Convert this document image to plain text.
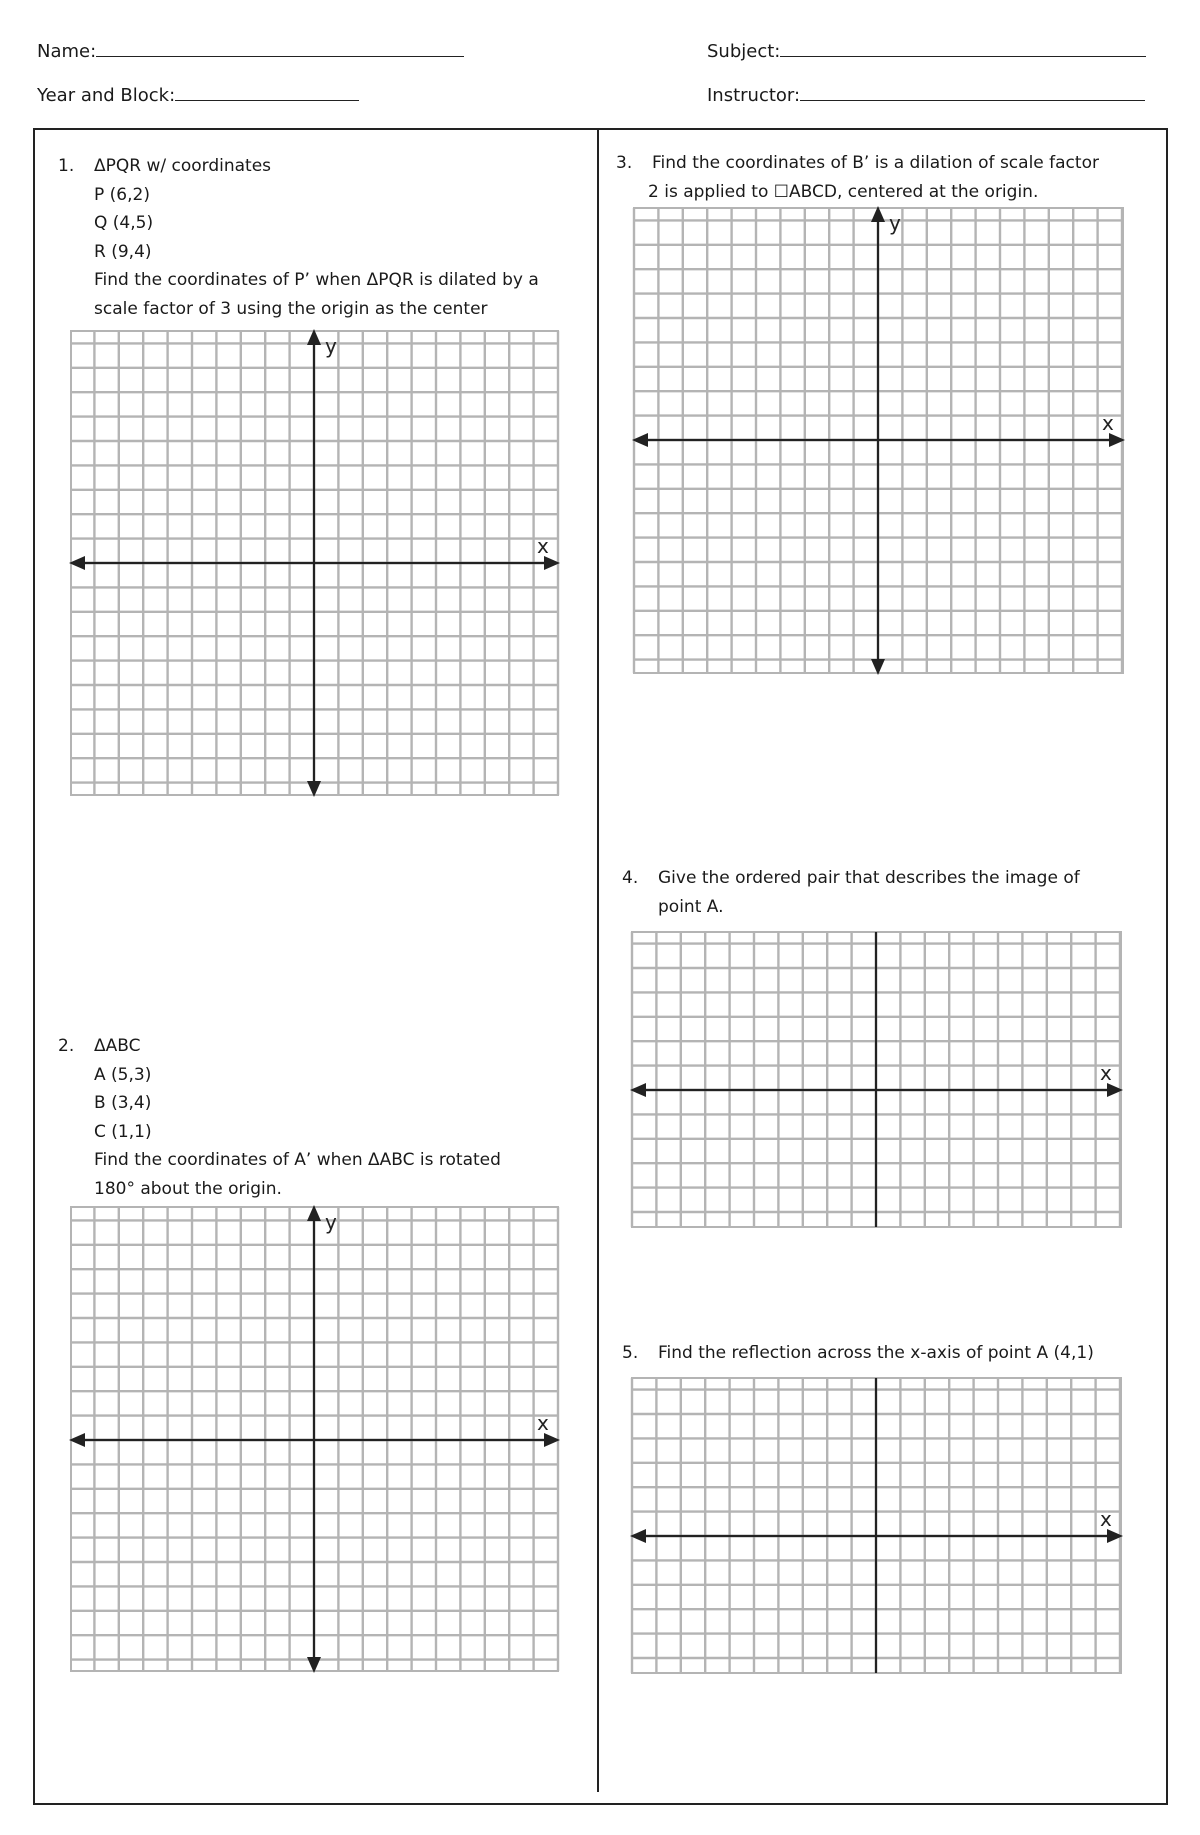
Name:	Subject:
Year and Block:	Instructor:
1. ΔPQR w/ coordinates
P (6,2)
Q (4,5)
R (9,4)
Find the coordinates of P’ when ΔPQR is dilated by a
scale factor of 3 using the origin as the center
2. ΔABC
A (5,3)
B (3,4)
C (1,1)
Find the coordinates of A’ when ΔABC is rotated
180° about the origin.
3. Find the coordinates of B’ is a dilation of scale factor
2 is applied to ☐ABCD, centered at the origin.
4. Give the ordered pair that describes the image of
point A.
5. Find the reflection across the x-axis of point A (4,1)
y
x
y
x
y
x
x
x
